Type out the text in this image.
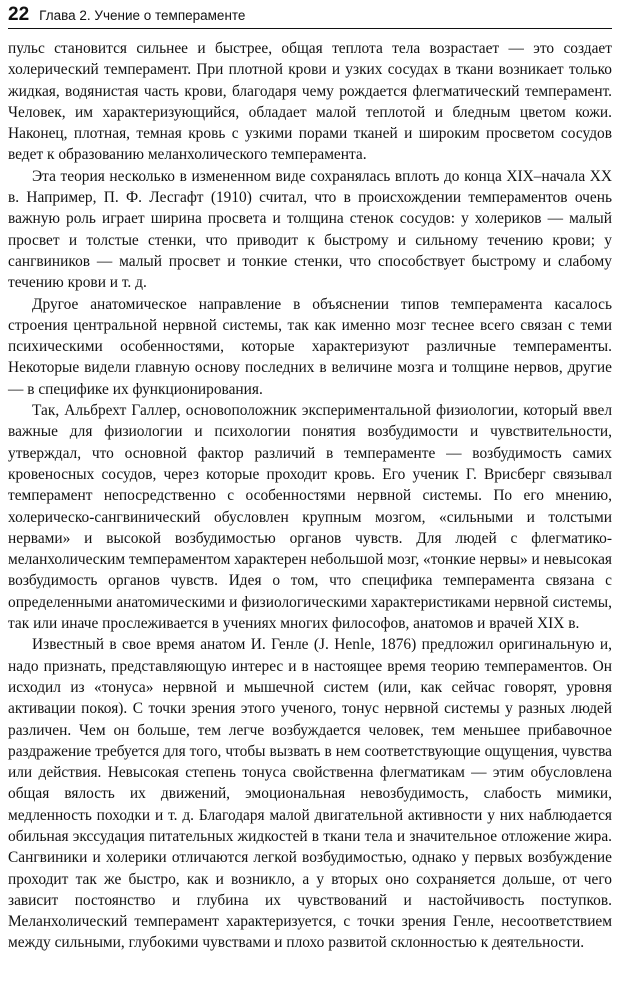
22 Глава 2. Учение о темпераменте

пульс становится сильнее и быстрее, общая теплота тела возрастает — это создает холерический темперамент. При плотной крови и узких сосудах в ткани возникает только жидкая, водянистая часть крови, благодаря чему рождается флегматический темперамент. Человек, им характеризующийся, обладает малой теплотой и бледным цветом кожи. Наконец, плотная, темная кровь с узкими порами тканей и широким просветом сосудов ведет к образованию меланхолического темперамента.

Эта теория несколько в измененном виде сохранялась вплоть до конца XIX–начала XX в. Например, П. Ф. Лесгафт (1910) считал, что в происхождении темпераментов очень важную роль играет ширина просвета и толщина стенок сосудов: у холериков — малый просвет и толстые стенки, что приводит к быстрому и сильному течению крови; у сангвиников — малый просвет и тонкие стенки, что способствует быстрому и слабому течению крови и т. д.

Другое анатомическое направление в объяснении типов темперамента касалось строения центральной нервной системы, так как именно мозг теснее всего связан с теми психическими особенностями, которые характеризуют различные темпераменты. Некоторые видели главную основу последних в величине мозга и толщине нервов, другие — в специфике их функционирования.

Так, Альбрехт Галлер, основоположник экспериментальной физиологии, который ввел важные для физиологии и психологии понятия возбудимости и чувствительности, утверждал, что основной фактор различий в темпераменте — возбудимость самих кровеносных сосудов, через которые проходит кровь. Его ученик Г. Врисберг связывал темперамент непосредственно с особенностями нервной системы. По его мнению, холерическо-сангвинический обусловлен крупным мозгом, «сильными и толстыми нервами» и высокой возбудимостью органов чувств. Для людей с флегматико-меланхолическим темпераментом характерен небольшой мозг, «тонкие нервы» и невысокая возбудимость органов чувств. Идея о том, что специфика темперамента связана с определенными анатомическими и физиологическими характеристиками нервной системы, так или иначе прослеживается в учениях многих философов, анатомов и врачей XIX в.

Известный в свое время анатом И. Генле (J. Henle, 1876) предложил оригинальную и, надо признать, представляющую интерес и в настоящее время теорию темпераментов. Он исходил из «тонуса» нервной и мышечной систем (или, как сейчас говорят, уровня активации покоя). С точки зрения этого ученого, тонус нервной системы у разных людей различен. Чем он больше, тем легче возбуждается человек, тем меньшее прибавочное раздражение требуется для того, чтобы вызвать в нем соответствующие ощущения, чувства или действия. Невысокая степень тонуса свойственна флегматикам — этим обусловлена общая вялость их движений, эмоциональная невозбудимость, слабость мимики, медленность походки и т. д. Благодаря малой двигательной активности у них наблюдается обильная экссудация питательных жидкостей в ткани тела и значительное отложение жира. Сангвиники и холерики отличаются легкой возбудимостью, однако у первых возбуждение проходит так же быстро, как и возникло, а у вторых оно сохраняется дольше, от чего зависит постоянство и глубина их чувствований и настойчивость поступков. Меланхолический темперамент характеризуется, с точки зрения Генле, несоответствием между сильными, глубокими чувствами и плохо развитой склонностью к деятельности.
